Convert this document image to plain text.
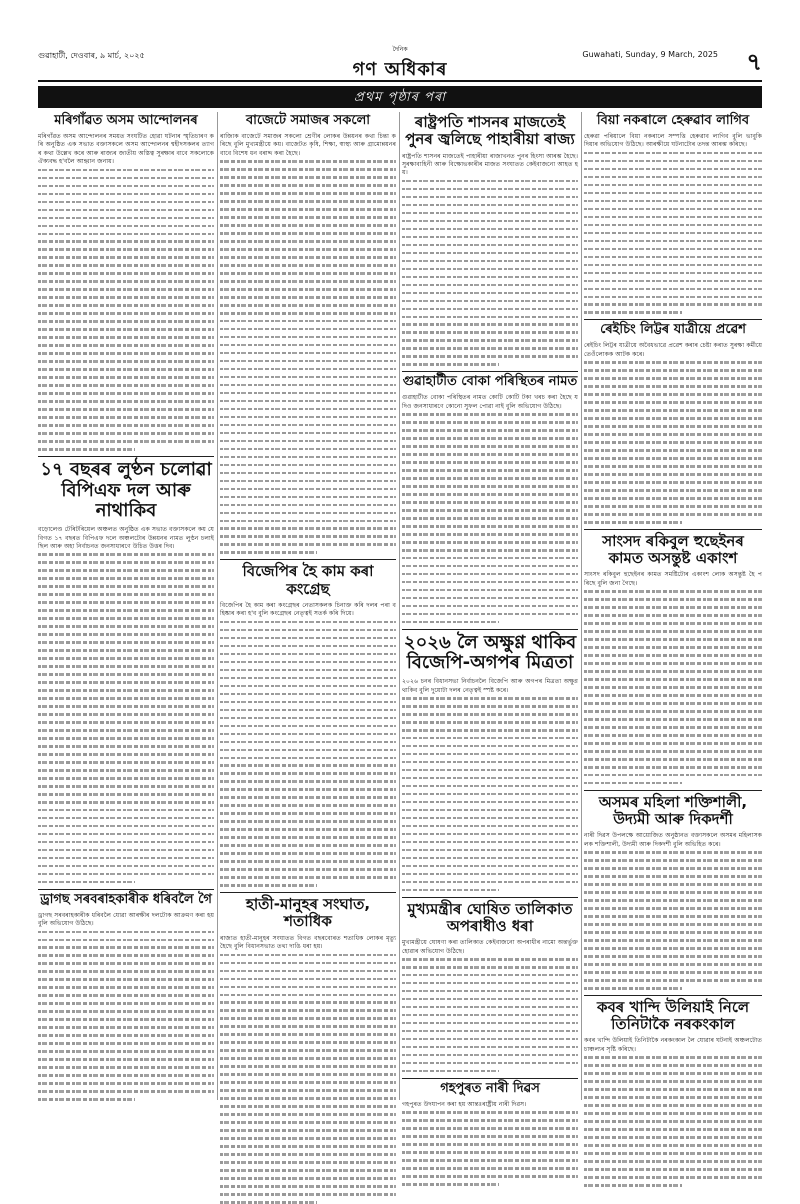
গুৱাহাটী, দেওবাৰ, ৯ মাৰ্চ, ২০২৫
দৈনিক
গণ অধিকাৰ
Guwahati, Sunday, 9 March, 2025 ৭
প্ৰথম পৃষ্ঠাৰ পৰা
মৰিগাঁৱত অসম আন্দোলনৰ

মৰিগাঁৱত অসম আন্দোলনৰ সময়ত সংঘটিত হোৱা ঘটনাৰ স্মৃতিচাৰণ কৰি অনুষ্ঠিত এক সভাত বক্তাসকলে অসম আন্দোলনৰ শ্বহীদসকলৰ ত্যাগৰ কথা উল্লেখ কৰে আৰু ৰাজ্যৰ জাতীয় অস্তিত্ব সুৰক্ষাৰ বাবে সকলোকে ঐক্যবদ্ধ হ'বলৈ আহ্বান জনায়।

১৭ বছৰৰ লুণ্ঠন চলোৱা বিপিএফ দল আৰু নাথাকিব

বড়োলেণ্ড টেৰিটৰিয়েল অঞ্চলত অনুষ্ঠিত এক সভাত বক্তাসকলে কয় যে বিগত ১৭ বছৰত বিপিএফ দলে অঞ্চলটোৰ উন্নয়নৰ নামত লুণ্ঠন চলাইছিল আৰু অহা নিৰ্বাচনত জনসাধাৰণে উচিত উত্তৰ দিব।

ড্ৰাগছ সৰবৰাহকাৰীক ধৰিবলৈ গৈ

ড্ৰাগছ সৰবৰাহকাৰীক ধৰিবলৈ যোৱা আৰক্ষীৰ দলটোক আক্ৰমণ কৰা হয় বুলি অভিযোগ উঠিছে।

বাজেটে সমাজৰ সকলো

ৰাজ্যিক বাজেটে সমাজৰ সকলো শ্ৰেণীৰ লোকৰ উন্নয়নৰ কথা চিন্তা কৰিছে বুলি মুখ্যমন্ত্ৰীয়ে কয়। বাজেটত কৃষি, শিক্ষা, স্বাস্থ্য আৰু গ্ৰামোন্নয়নৰ বাবে বিশেষ ধন বৰাদ্দ কৰা হৈছে।

বিজেপিৰ হৈ কাম কৰা কংগ্ৰেছ

বিজেপিৰ হৈ কাম কৰা কংগ্ৰেছৰ নেতাসকলক চিনাক্ত কৰি দলৰ পৰা বহিষ্কাৰ কৰা হ'ব বুলি কংগ্ৰেছৰ নেতৃত্বই সতৰ্ক কৰি দিয়ে।

হাতী-মানুহৰ সংঘাত, শতাধিক

ৰাজ্যত হাতী-মানুহৰ সংঘাতত বিগত বছৰবোৰত শতাধিক লোকৰ মৃত্যু হৈছে বুলি বিধানসভাত তথ্য দাঙি ধৰা হয়।

ৰাষ্ট্ৰপতি শাসনৰ মাজতেই পুনৰ জ্বলিছে পাহাৰীয়া ৰাজ্য

ৰাষ্ট্ৰপতি শাসনৰ মাজতেই পাহাৰীয়া ৰাজ্যখনত পুনৰ হিংসা আৰম্ভ হৈছে। সুৰক্ষাবাহিনী আৰু বিক্ষোভকাৰীৰ মাজত সংঘাতত কেইবাজনো আহত হয়।

গুৱাহাটীত বোকা পৰিস্থিতৰ নামত

গুৱাহাটীত বোকা পৰিস্থিতৰ নামত কোটি কোটি টকা খৰচ কৰা হৈছে যদিও জনসাধাৰণে কোনো সুফল পোৱা নাই বুলি অভিযোগ উঠিছে।

২০২৬ লৈ অক্ষুণ্ণ থাকিব বিজেপি-অগপৰ মিত্ৰতা

২০২৬ চনৰ বিধানসভা নিৰ্বাচনলৈ বিজেপি আৰু অগপৰ মিত্ৰতা অক্ষুণ্ণ থাকিব বুলি দুয়োটা দলৰ নেতৃত্বই স্পষ্ট কৰে।

মুখ্যমন্ত্ৰীৰ ঘোষিত তালিকাত অপৰাধীও ধৰা

মুখ্যমন্ত্ৰীয়ে ঘোষণা কৰা তালিকাত কেইবাজনো অপৰাধীৰ নামো অন্তৰ্ভুক্ত হোৱাৰ অভিযোগ উঠিছে।

গহপুৰত নাৰী দিৱস

গহপুৰত উদযাপন কৰা হয় আন্তঃৰাষ্ট্ৰীয় নাৰী দিৱস।

বিয়া নকৰালে হেৰুৱাব লাগিব

হেৰুৱা পৰিয়ালে বিয়া নকৰালে সম্পত্তি হেৰুৱাব লাগিব বুলি ভাবুকি দিয়াৰ অভিযোগ উঠিছে। আৰক্ষীয়ে ঘটনাটোৰ তদন্ত আৰম্ভ কৰিছে।

ৰেইচিং লিট্টৰ যাত্ৰীয়ে প্ৰৱেশ

ৰেইচিং লিট্টৰ যাত্ৰীয়ে অবৈধভাৱে প্ৰৱেশ কৰাৰ চেষ্টা কৰাত সুৰক্ষা কৰ্মীয়ে তেওঁলোকক আটক কৰে।

সাংসদ ৰকিবুল হুছেইনৰ কামত অসন্তুষ্ট একাংশ

সাংসদ ৰকিবুল হুছেইনৰ কামত সমষ্টিটোৰ একাংশ লোক অসন্তুষ্ট হৈ পৰিছে বুলি জনা গৈছে।

অসমৰ মহিলা শক্তিশালী, উদ্যমী আৰু দিকদৰ্শী

নাৰী দিৱস উপলক্ষে আয়োজিত অনুষ্ঠানত বক্তাসকলে অসমৰ মহিলাসকলক শক্তিশালী, উদ্যমী আৰু দিকদৰ্শী বুলি অভিহিত কৰে।

কবৰ খান্দি উলিয়াই নিলে তিনিটাকৈ নৰকংকাল

কবৰ খান্দি উলিয়াই তিনিটাকৈ নৰকংকাল লৈ যোৱাৰ ঘটনাই অঞ্চলটোত চাঞ্চল্যৰ সৃষ্টি কৰিছে।
